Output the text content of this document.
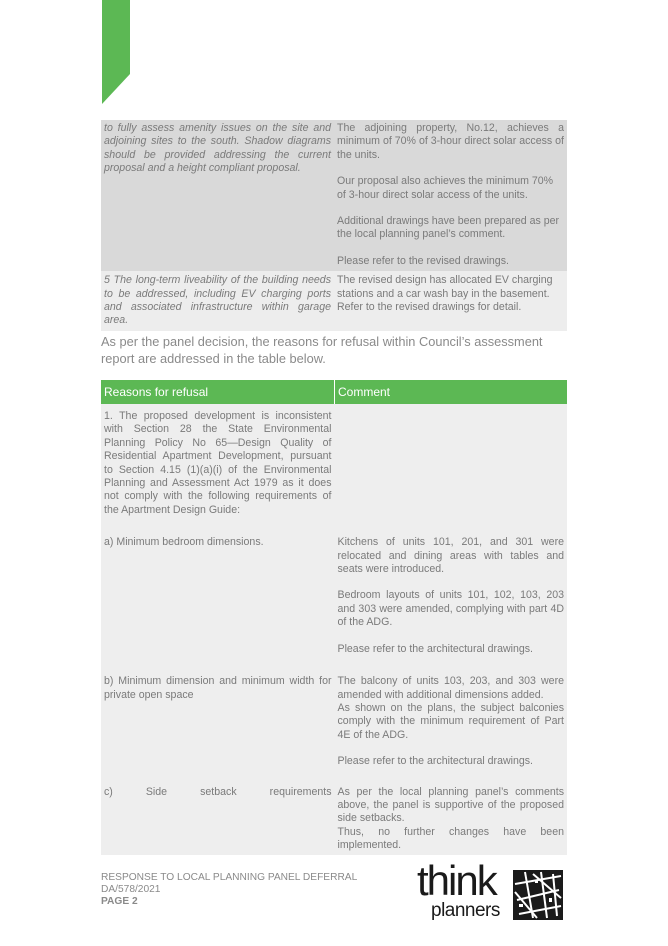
to fully assess amenity issues on the site and adjoining sites to the south. Shadow diagrams should be provided addressing the current proposal and a height compliant proposal.	The adjoining property, No.12, achieves a minimum of 70% of 3-hour direct solar access of the units.

Our proposal also achieves the minimum 70% of 3-hour direct solar access of the units.

Additional drawings have been prepared as per the local planning panel’s comment.

Please refer to the revised drawings.

5 The long-term liveability of the building needs to be addressed, including EV charging ports and associated infrastructure within garage area.	The revised design has allocated EV charging stations and a car wash bay in the basement. Refer to the revised drawings for detail.

As per the panel decision, the reasons for refusal within Council’s assessment report are addressed in the table below.

Reasons for refusal	Comment
1. The proposed development is inconsistent with Section 28 the State Environmental Planning Policy No 65—Design Quality of Residential Apartment Development, pursuant to Section 4.15 (1)(a)(i) of the Environmental Planning and Assessment Act 1979 as it does not comply with the following requirements of the Apartment Design Guide:	
a) Minimum bedroom dimensions.	Kitchens of units 101, 201, and 301 were relocated and dining areas with tables and seats were introduced.

Bedroom layouts of units 101, 102, 103, 203 and 303 were amended, complying with part 4D of the ADG.

Please refer to the architectural drawings.

b) Minimum dimension and minimum width for private open space	The balcony of units 103, 203, and 303 were amended with additional dimensions added.
As shown on the plans, the subject balconies comply with the minimum requirement of Part 4E of the ADG.

Please refer to the architectural drawings.

c) Side setback requirements	As per the local planning panel’s comments above, the panel is supportive of the proposed side setbacks.
Thus, no further changes have been implemented.

RESPONSE TO LOCAL PLANNING PANEL DEFERRAL
DA/578/2021
PAGE 2	think
planners
